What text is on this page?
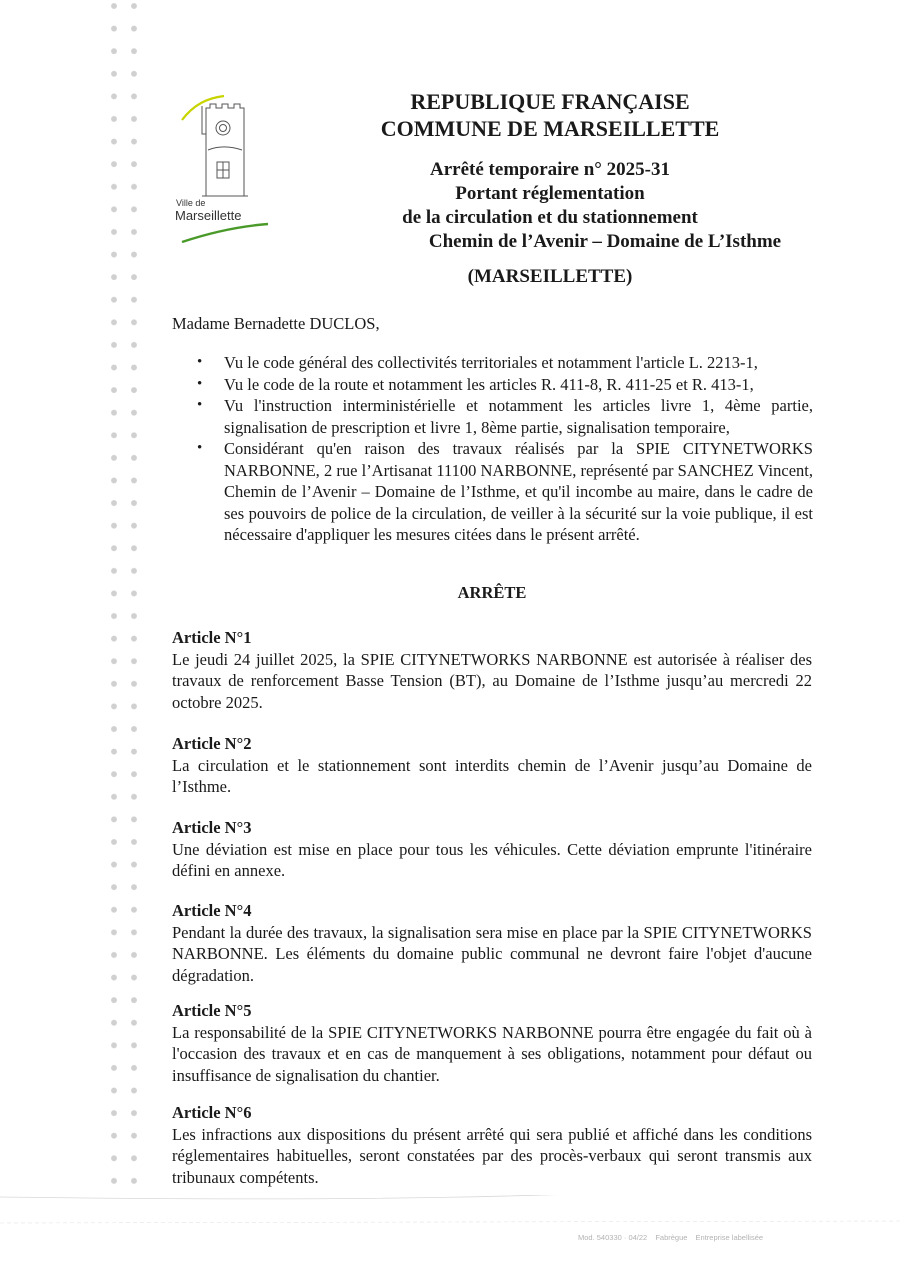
Ville de
Marseillette
REPUBLIQUE FRANÇAISE
COMMUNE DE MARSEILLETTE
Arrêté temporaire n° 2025-31
Portant réglementation
de la circulation et du stationnement
Chemin de l’Avenir – Domaine de L’Isthme
(MARSEILLETTE)
Madame Bernadette DUCLOS,
• Vu le code général des collectivités territoriales et notamment l'article L. 2213-1,
• Vu le code de la route et notamment les articles R. 411-8, R. 411-25 et R. 413-1,
• Vu l'instruction interministérielle et notamment les articles livre 1, 4ème partie, signalisation de prescription et livre 1, 8ème partie, signalisation temporaire,
• Considérant qu'en raison des travaux réalisés par la SPIE CITYNETWORKS NARBONNE, 2 rue l’Artisanat 11100 NARBONNE, représenté par SANCHEZ Vincent, Chemin de l’Avenir – Domaine de l’Isthme, et qu'il incombe au maire, dans le cadre de ses pouvoirs de police de la circulation, de veiller à la sécurité sur la voie publique, il est nécessaire d'appliquer les mesures citées dans le présent arrêté.
ARRÊTE
Article N°1
Le jeudi 24 juillet 2025, la SPIE CITYNETWORKS NARBONNE est autorisée à réaliser des travaux de renforcement Basse Tension (BT), au Domaine de l’Isthme jusqu’au mercredi 22 octobre 2025.
Article N°2
La circulation et le stationnement sont interdits chemin de l’Avenir jusqu’au Domaine de l’Isthme.
Article N°3
Une déviation est mise en place pour tous les véhicules. Cette déviation emprunte l'itinéraire défini en annexe.
Article N°4
Pendant la durée des travaux, la signalisation sera mise en place par la SPIE CITYNETWORKS NARBONNE. Les éléments du domaine public communal ne devront faire l'objet d'aucune dégradation.
Article N°5
La responsabilité de la SPIE CITYNETWORKS NARBONNE pourra être engagée du fait où à l'occasion des travaux et en cas de manquement à ses obligations, notamment pour défaut ou insuffisance de signalisation du chantier.
Article N°6
Les infractions aux dispositions du présent arrêté qui sera publié et affiché dans les conditions réglementaires habituelles, seront constatées par des procès-verbaux qui seront transmis aux tribunaux compétents.
Mod. 540330 · 04/22 Fabrègue Entreprise labellisée
